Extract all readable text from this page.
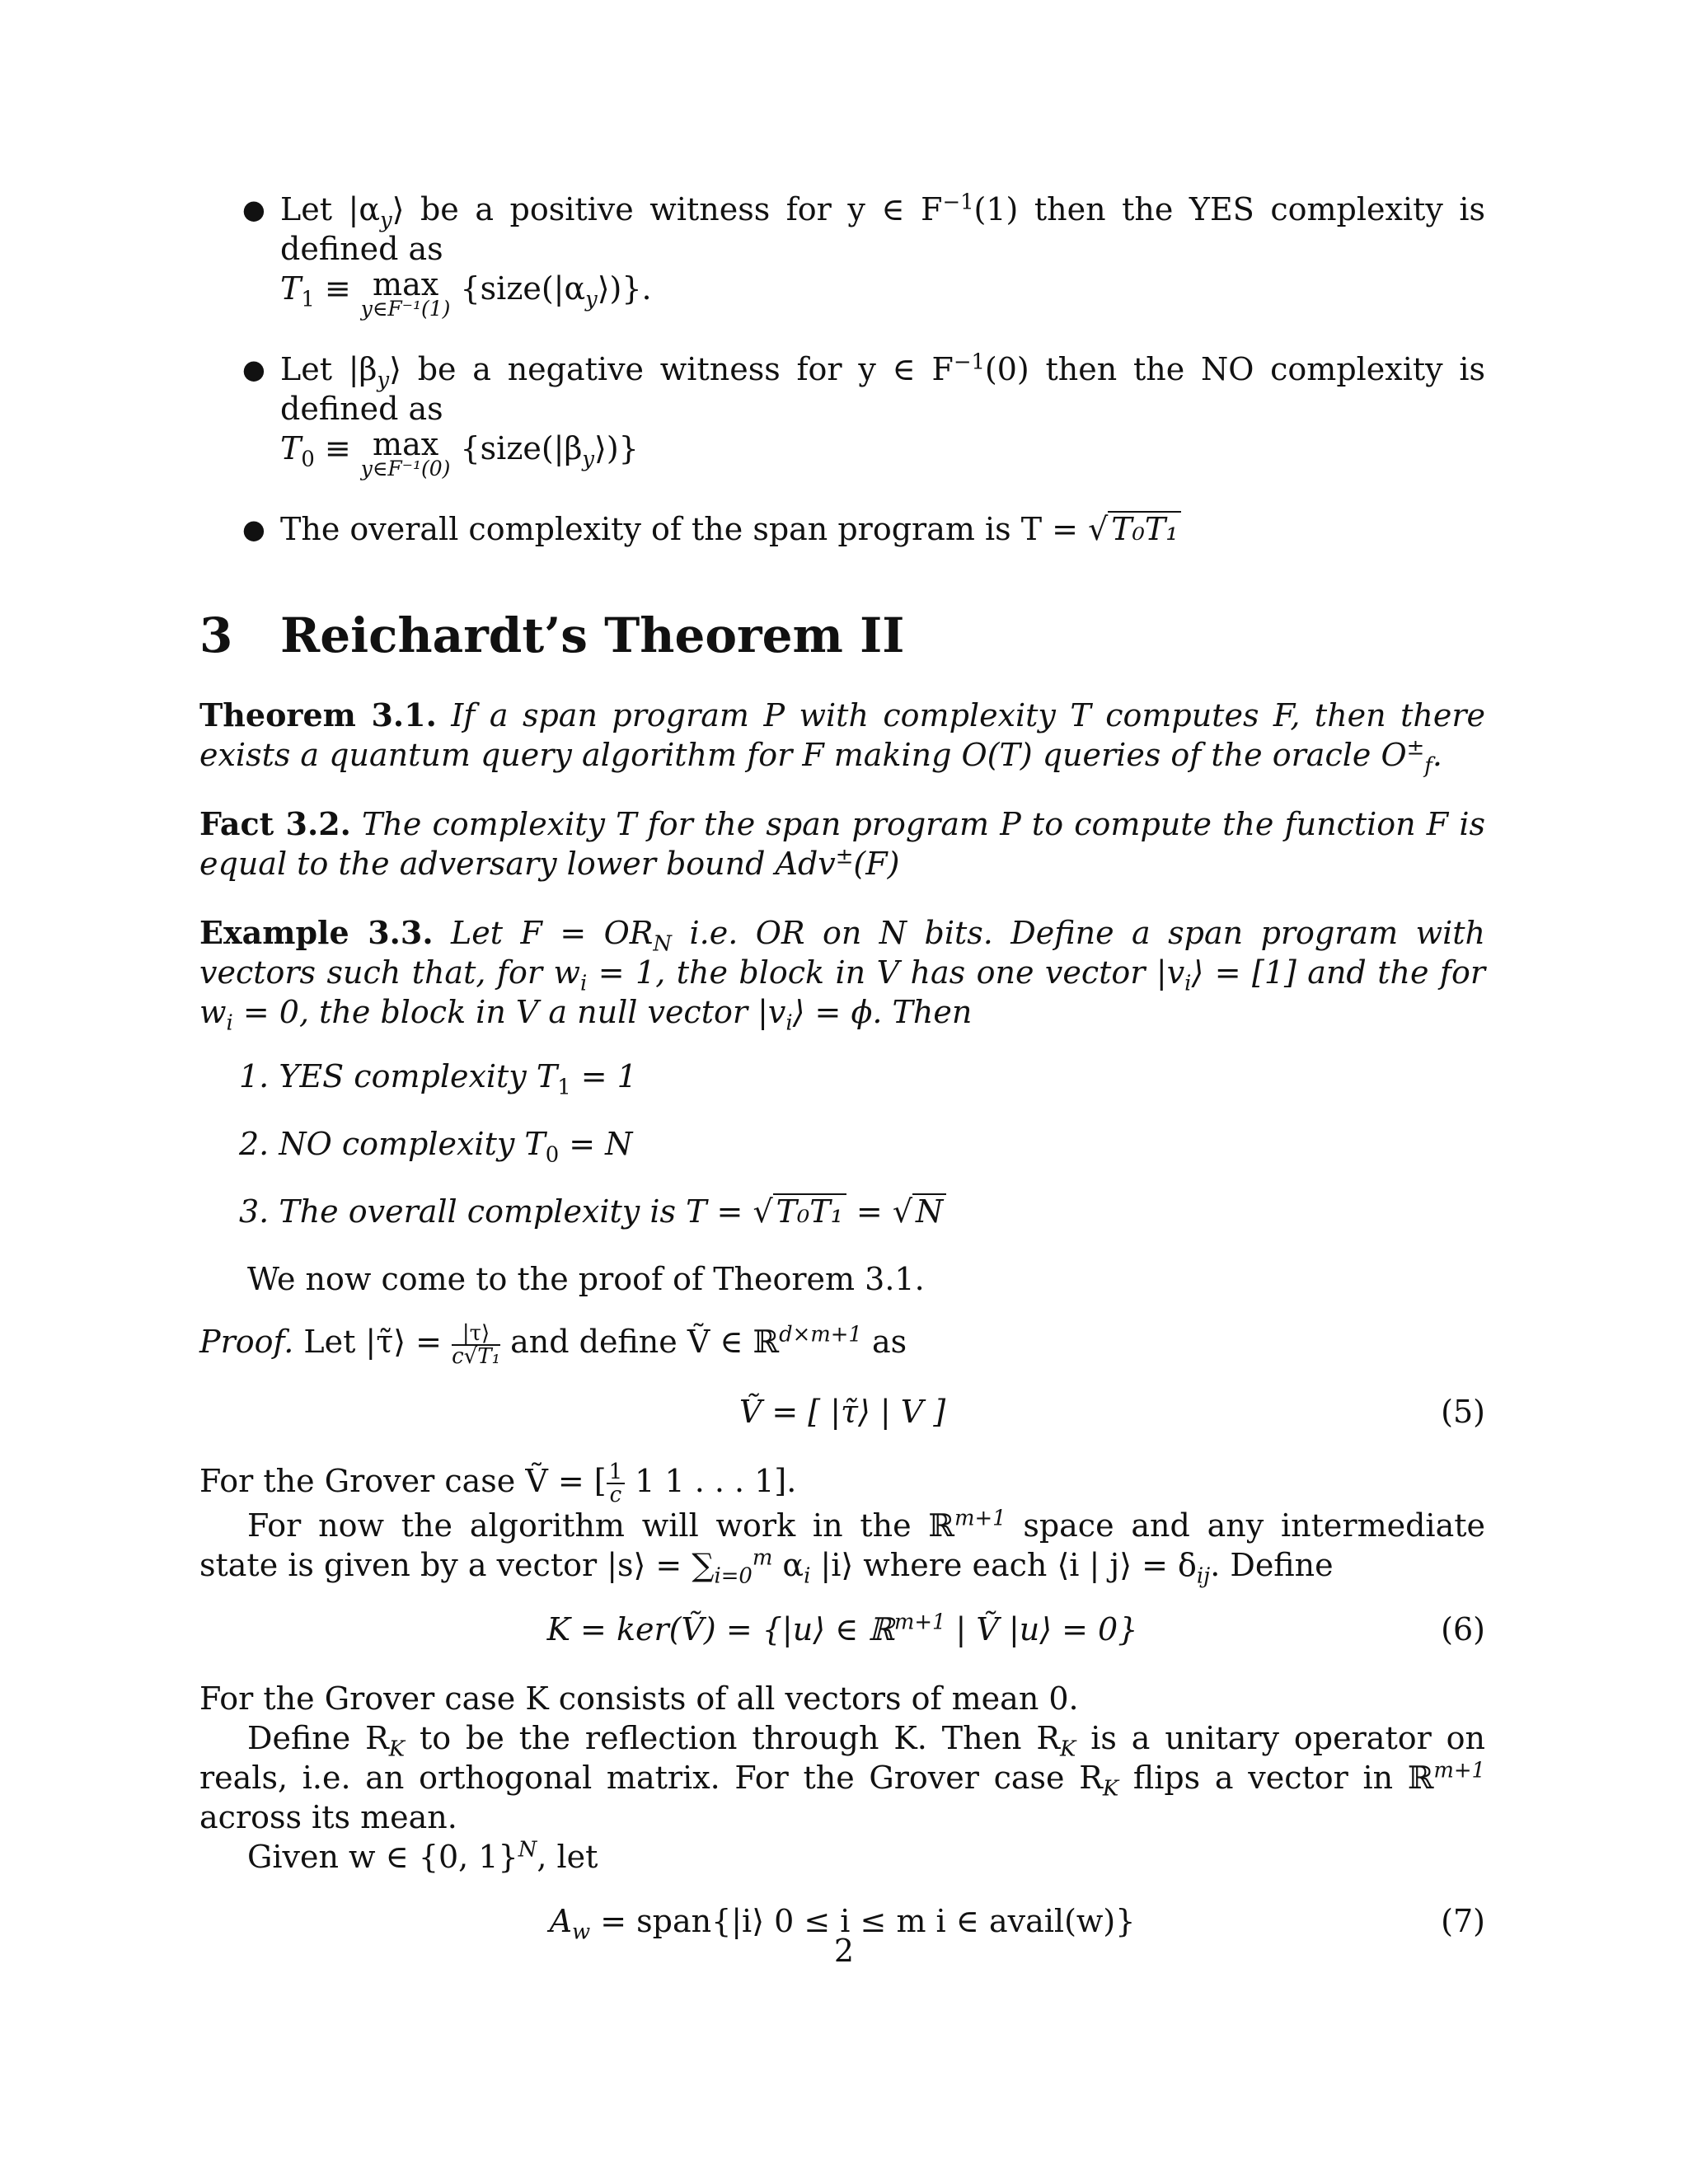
● Let $|\alpha_y⟩$ be a positive witness for y ∈ $F^{-1}(1)$ then the YES complexity is defined as
$T_1 \equiv \max$
y∈F⁻¹(1)
$\{size(|\alpha_y⟩)\}$.
● Let $|\beta_y⟩$ be a negative witness for y ∈ $F^{-1}(0)$ then the NO complexity is defined as
$T_0 \equiv \max$
y∈F⁻¹(0)
$\{size(|\beta_y⟩)\}$
● The overall complexity of the span program is T = √ T₀T₁
3 Reichardt’s Theorem II
Theorem 3.1. If a span program P with complexity T computes F, then there exists a quantum query algorithm for F making O(T) queries of the oracle $O^\pm_f$.
Fact 3.2. The complexity T for the span program P to compute the function F is equal to the adversary lower bound Adv±(F)
Example 3.3. Let $F = OR_N$ i.e. OR on N bits. Define a span program with vectors such that, for $w_i = 1$, the block in V has one vector $|v_i⟩ = [1]$ and the for $w_i = 0$, the block in V a null vector $|v_i⟩ = \phi$. Then
1. YES complexity $T_1 = 1$
2. NO complexity $T_0 = N$
3. The overall complexity is T = √ T₀T₁ = √ N
We now come to the proof of Theorem 3.1.
Proof. Let |τ̃⟩ = $\frac{|\tau⟩}{\text{c√T₁}}$ and define Ṽ ∈ ℝ$^{d\times m+1}$ as
Ṽ = [ |τ̃⟩ | V ]	(5)
For the Grover case Ṽ = [ $\frac{1}{c} 1$ 1 . . . 1].
For now the algorithm will work in the ℝ$^{m+1}$ space and any intermediate state is given by a vector |s⟩ = $\sum_{i=0}^m$ $\alpha_i$ |i⟩ where each ⟨i | j⟩ = $\delta_{ij}$. Define
K = ker(Ṽ) = {|u⟩ ∈ ℝ$^{m+1}$ | Ṽ |u⟩ = 0}	(6)
For the Grover case K consists of all vectors of mean 0.
Define $R_K$ to be the reflection through K. Then $R_K$ is a unitary operator on reals, i.e. an orthogonal matrix. For the Grover case $R_K$ flips a vector in ℝ$^{m+1}$ across its mean.
Given w ∈ {0, 1}$^N$, let
$A_w$ = span{|i⟩ 0 ≤ i ≤ m i ∈ avail(w)}	(7)
2
